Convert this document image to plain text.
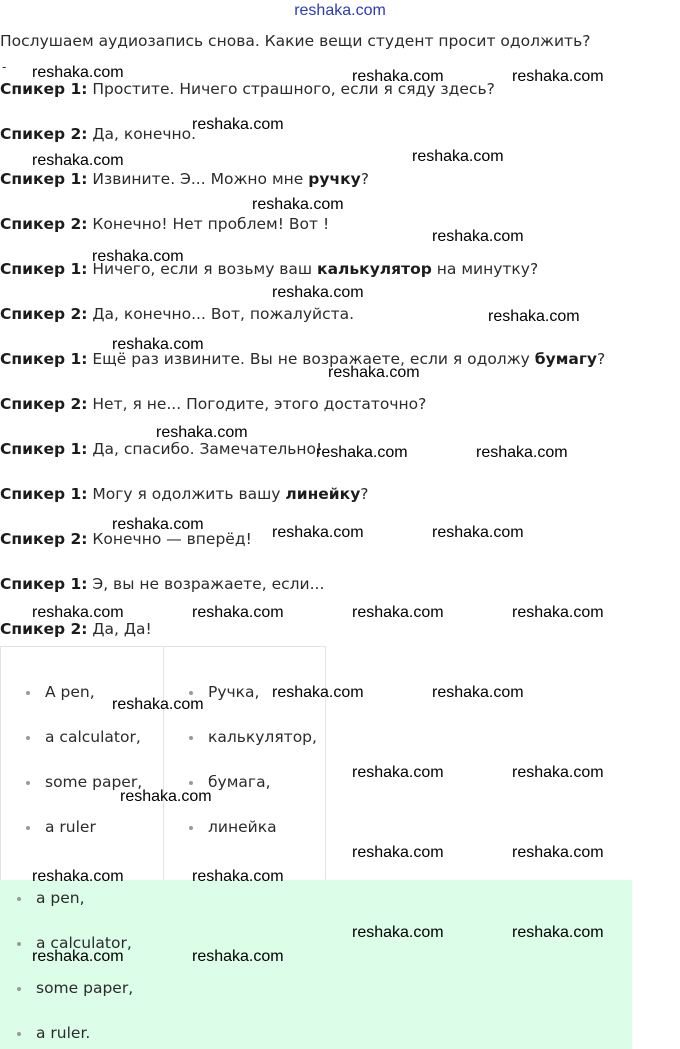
reshaka.com
Послушаем аудиозапись снова. Какие вещи студент просит одолжить?
-
Спикер 1: Простите. Ничего страшного, если я сяду здесь?
Спикер 2: Да, конечно.
Спикер 1: Извините. Э... Можно мне ручку?
Спикер 2: Конечно! Нет проблем! Вот !
Спикер 1: Ничего, если я возьму ваш калькулятор на минутку?
Спикер 2: Да, конечно... Вот, пожалуйста.
Спикер 1: Ещё раз извините. Вы не возражаете, если я одолжу бумагу?
Спикер 2: Нет, я не... Погодите, этого достаточно?
Спикер 1: Да, спасибо. Замечательно!
Спикер 1: Могу я одолжить вашу линейку?
Спикер 2: Конечно — вперёд!
Спикер 1: Э, вы не возражаете, если...
Спикер 2: Да, Да!
A pen,	Ручка,
a calculator,	калькулятор,
some paper,	бумага,
a ruler	линейка
a pen,
a calculator,
some paper,
a ruler.
reshaka.com	reshaka.com	reshaka.com
reshaka.com
reshaka.com	reshaka.com
reshaka.com
reshaka.com
reshaka.com
reshaka.com
reshaka.com
reshaka.com
reshaka.com
reshaka.com
reshaka.com	reshaka.com
reshaka.com	reshaka.com	reshaka.com
reshaka.com	reshaka.com	reshaka.com	reshaka.com
reshaka.com	reshaka.com
reshaka.com
reshaka.com	reshaka.com
reshaka.com
reshaka.com	reshaka.com
reshaka.com	reshaka.com
reshaka.com	reshaka.com
reshaka.com	reshaka.com
